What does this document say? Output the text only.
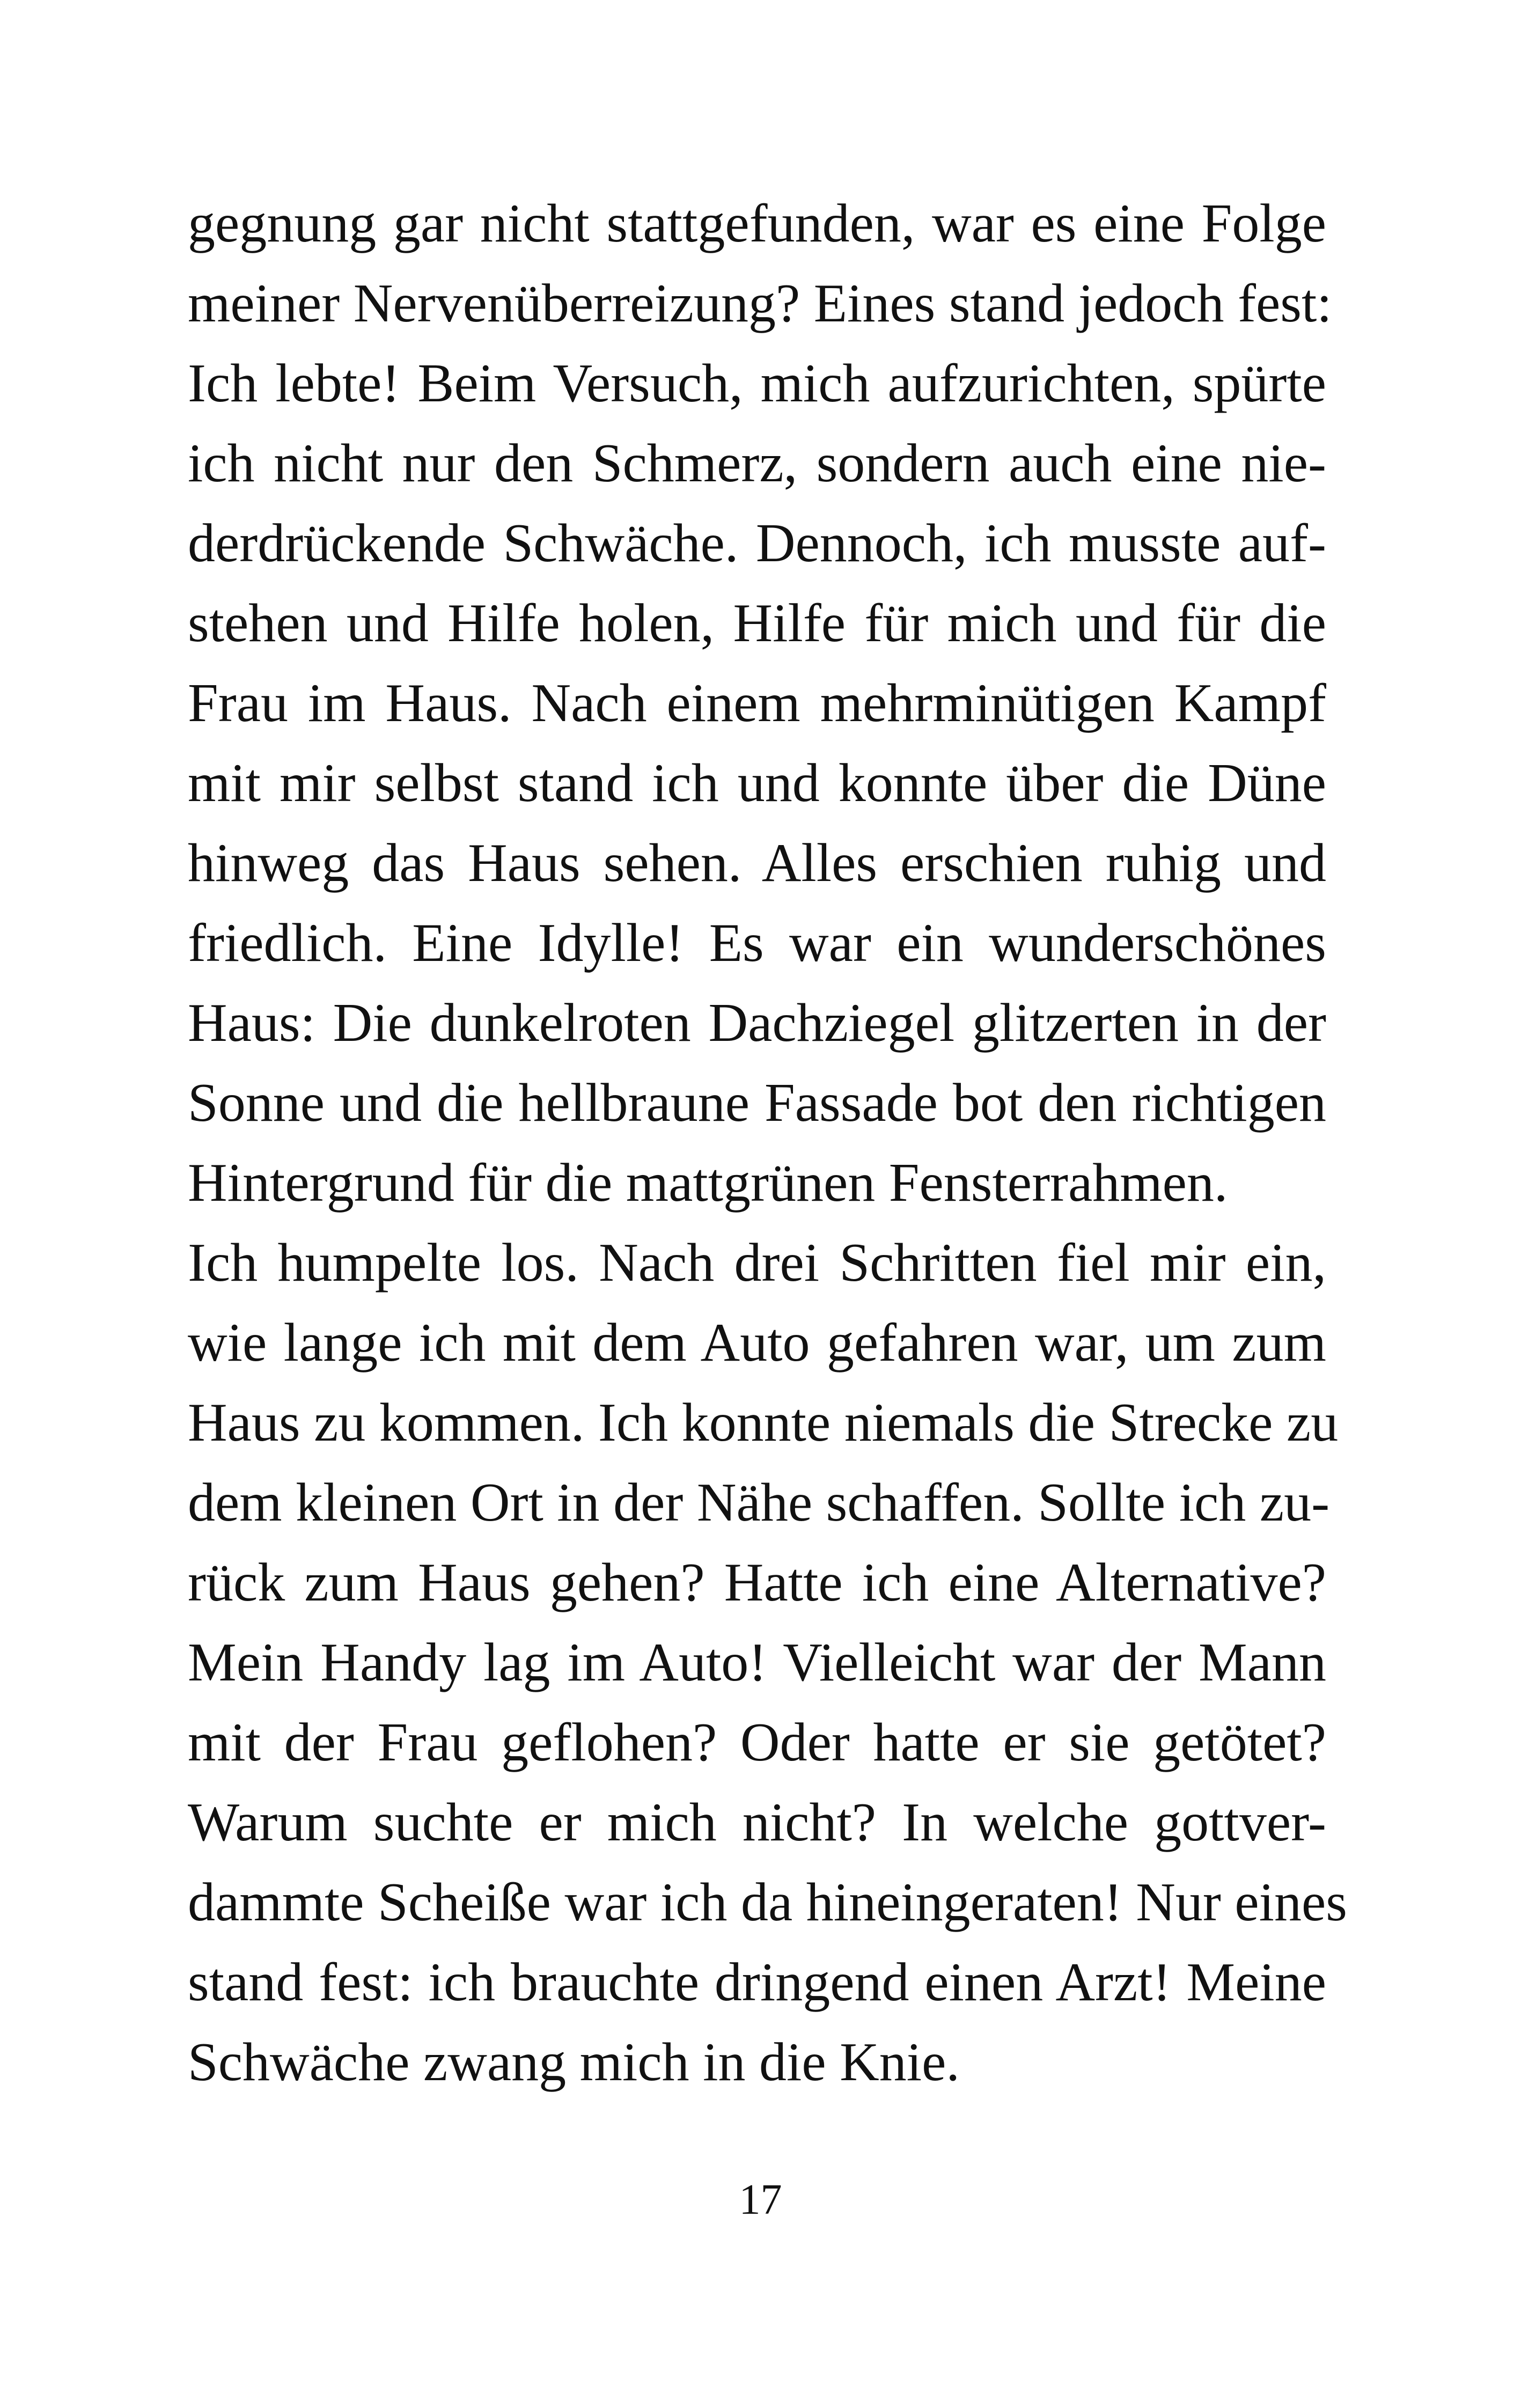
gegnung gar nicht stattgefunden, war es eine Folge
meiner Nervenüberreizung? Eines stand jedoch fest:
Ich lebte! Beim Versuch, mich aufzurichten, spürte
ich nicht nur den Schmerz, sondern auch eine nie-
derdrückende Schwäche. Dennoch, ich musste auf-
stehen und Hilfe holen, Hilfe für mich und für die
Frau im Haus. Nach einem mehrminütigen Kampf
mit mir selbst stand ich und konnte über die Düne
hinweg das Haus sehen. Alles erschien ruhig und
friedlich. Eine Idylle! Es war ein wunderschönes
Haus: Die dunkelroten Dachziegel glitzerten in der
Sonne und die hellbraune Fassade bot den richtigen
Hintergrund für die mattgrünen Fensterrahmen.
Ich humpelte los. Nach drei Schritten fiel mir ein,
wie lange ich mit dem Auto gefahren war, um zum
Haus zu kommen. Ich konnte niemals die Strecke zu
dem kleinen Ort in der Nähe schaffen. Sollte ich zu-
rück zum Haus gehen? Hatte ich eine Alternative?
Mein Handy lag im Auto! Vielleicht war der Mann
mit der Frau geflohen? Oder hatte er sie getötet?
Warum suchte er mich nicht? In welche gottver-
dammte Scheiße war ich da hineingeraten! Nur eines
stand fest: ich brauchte dringend einen Arzt! Meine
Schwäche zwang mich in die Knie.
17
